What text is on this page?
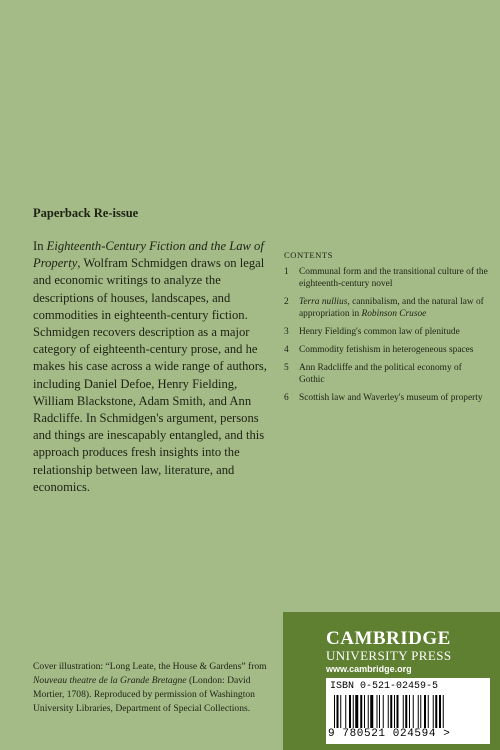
Paperback Re-issue
In Eighteenth-Century Fiction and the Law of Property, Wolfram Schmidgen draws on legal and economic writings to analyze the descriptions of houses, landscapes, and commodities in eighteenth-century fiction. Schmidgen recovers description as a major category of eighteenth-century prose, and he makes his case across a wide range of authors, including Daniel Defoe, Henry Fielding, William Blackstone, Adam Smith, and Ann Radcliffe. In Schmidgen's argument, persons and things are inescapably entangled, and this approach produces fresh insights into the relationship between law, literature, and economics.
CONTENTS
1	Communal form and the transitional culture of the eighteenth-century novel
2	Terra nullius, cannibalism, and the natural law of appropriation in Robinson Crusoe
3	Henry Fielding's common law of plenitude
4	Commodity fetishism in heterogeneous spaces
5	Ann Radcliffe and the political economy of Gothic
6	Scottish law and Waverley's museum of property
Cover illustration: “Long Leate, the House & Gardens” from Nouveau theatre de la Grande Bretagne (London: David Mortier, 1708). Reproduced by permission of Washington University Libraries, Department of Special Collections.
CAMBRIDGE
UNIVERSITY PRESS
www.cambridge.org
ISBN 0-521-02459-5
9 780521 024594 >
